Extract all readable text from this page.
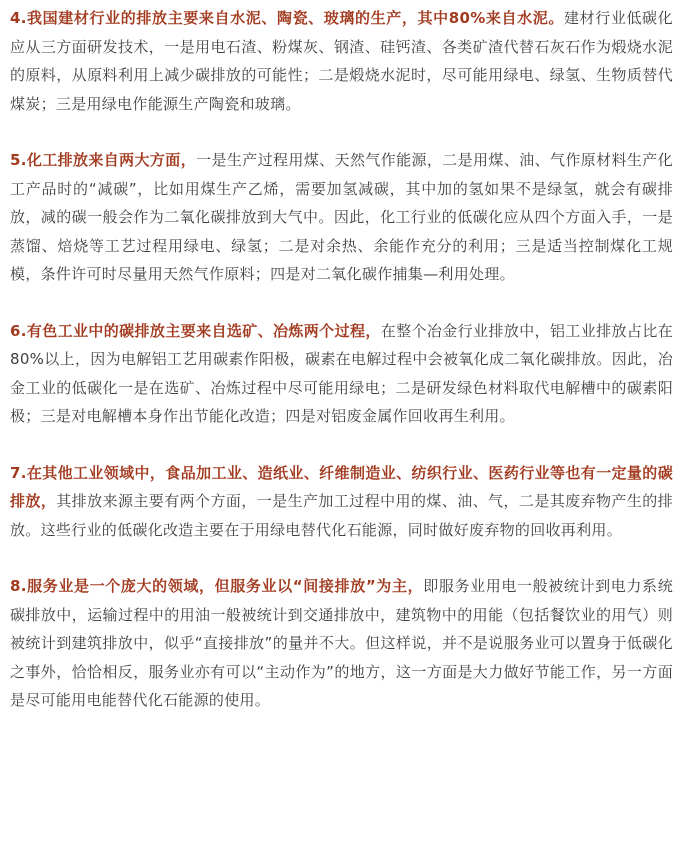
4.我国建材行业的排放主要来自水泥、陶瓷、玻璃的生产，其中80%来自水泥。建材行业低碳化应从三方面研发技术，一是用电石渣、粉煤灰、钢渣、硅钙渣、各类矿渣代替石灰石作为煅烧水泥的原料，从原料利用上减少碳排放的可能性；二是煅烧水泥时，尽可能用绿电、绿氢、生物质替代煤炭；三是用绿电作能源生产陶瓷和玻璃。

5.化工排放来自两大方面，一是生产过程用煤、天然气作能源，二是用煤、油、气作原材料生产化工产品时的“减碳”，比如用煤生产乙烯，需要加氢减碳，其中加的氢如果不是绿氢，就会有碳排放，减的碳一般会作为二氧化碳排放到大气中。因此，化工行业的低碳化应从四个方面入手，一是蒸馏、焙烧等工艺过程用绿电、绿氢；二是对余热、余能作充分的利用；三是适当控制煤化工规模，条件许可时尽量用天然气作原料；四是对二氧化碳作捕集—利用处理。

6.有色工业中的碳排放主要来自选矿、冶炼两个过程，在整个冶金行业排放中，铝工业排放占比在80%以上，因为电解铝工艺用碳素作阳极，碳素在电解过程中会被氧化成二氧化碳排放。因此，冶金工业的低碳化一是在选矿、冶炼过程中尽可能用绿电；二是研发绿色材料取代电解槽中的碳素阳极；三是对电解槽本身作出节能化改造；四是对铝废金属作回收再生利用。

7.在其他工业领域中，食品加工业、造纸业、纤维制造业、纺织行业、医药行业等也有一定量的碳排放，其排放来源主要有两个方面，一是生产加工过程中用的煤、油、气，二是其废弃物产生的排放。这些行业的低碳化改造主要在于用绿电替代化石能源，同时做好废弃物的回收再利用。

8.服务业是一个庞大的领域，但服务业以“间接排放”为主，即服务业用电一般被统计到电力系统碳排放中，运输过程中的用油一般被统计到交通排放中，建筑物中的用能（包括餐饮业的用气）则被统计到建筑排放中，似乎“直接排放”的量并不大。但这样说，并不是说服务业可以置身于低碳化之事外，恰恰相反，服务业亦有可以“主动作为”的地方，这一方面是大力做好节能工作，另一方面是尽可能用电能替代化石能源的使用。
